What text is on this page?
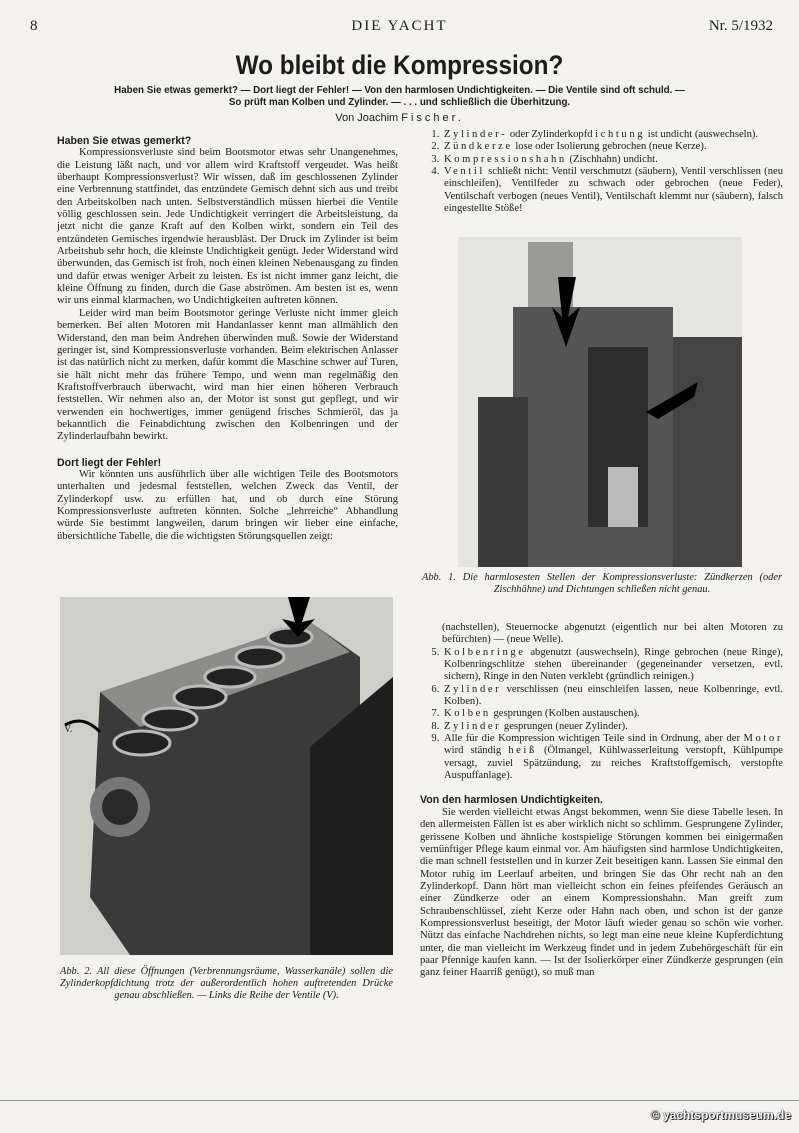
8	DIE YACHT	Nr. 5/1932
Wo bleibt die Kompression?
Haben Sie etwas gemerkt? — Dort liegt der Fehler! — Von den harmlosen Undichtigkeiten. — Die Ventile sind oft schuld. —
So prüft man Kolben und Zylinder. — . . . und schließlich die Überhitzung.
Von Joachim Fischer.
Haben Sie etwas gemerkt?

Kompressionsverluste sind beim Bootsmotor etwas sehr Unangenehmes, die Leistung läßt nach, und vor allem wird Kraftstoff vergeudet. Was heißt überhaupt Kompressionsverlust? Wir wissen, daß im geschlossenen Zylinder eine Verbrennung stattfindet, das entzündete Gemisch dehnt sich aus und treibt den Arbeitskolben nach unten. Selbstverständlich müssen hierbei die Ventile völlig geschlossen sein. Jede Undichtigkeit verringert die Arbeitsleistung, da jetzt nicht die ganze Kraft auf den Kolben wirkt, sondern ein Teil des entzündeten Gemisches irgendwie herausbläst. Der Druck im Zylinder ist beim Arbeitshub sehr hoch, die kleinste Undichtigkeit genügt. Jeder Widerstand wird überwunden, das Gemisch ist froh, noch einen kleinen Nebenausgang zu finden und dafür etwas weniger Arbeit zu leisten. Es ist nicht immer ganz leicht, die kleine Öffnung zu finden, durch die Gase abströmen. Am besten ist es, wenn wir uns einmal klarmachen, wo Undichtigkeiten auftreten können.

Leider wird man beim Bootsmotor geringe Verluste nicht immer gleich bemerken. Bei alten Motoren mit Handanlasser kennt man allmählich den Widerstand, den man beim Andrehen überwinden muß. Sowie der Widerstand geringer ist, sind Kompressionsverluste vorhanden. Beim elektrischen Anlasser ist das natürlich nicht zu merken, dafür kommt die Maschine schwer auf Turen, sie hält nicht mehr das frühere Tempo, und wenn man regelmäßig den Kraftstoffverbrauch überwacht, wird man hier einen höheren Verbrauch feststellen. Wir nehmen also an, der Motor ist sonst gut gepflegt, und wir verwenden ein hochwertiges, immer genügend frisches Schmieröl, das ja bekanntlich die Feinabdichtung zwischen den Kolbenringen und der Zylinderlaufbahn bewirkt.

Dort liegt der Fehler!

Wir könnten uns ausführlich über alle wichtigen Teile des Bootsmotors unterhalten und jedesmal feststellen, welchen Zweck das Ventil, der Zylinderkopf usw. zu erfüllen hat, und ob durch eine Störung Kompressionsverluste auftreten könnten. Solche „lehrreiche“ Abhandlung würde Sie bestimmt langweilen, darum bringen wir lieber eine einfache, übersichtliche Tabelle, die die wichtigsten Störungsquellen zeigt:

V.
Abb. 2. All diese Öffnungen (Verbrennungsräume, Wasserkanäle) sollen die Zylinderkopfdichtung trotz der außerordentlich hohen auftretenden Drücke genau abschließen. — Links die Reihe der Ventile (V).
1. Zylinder- oder Zylinderkopfdichtung ist undicht (auswechseln).
2. Zündkerze lose oder Isolierung gebrochen (neue Kerze).
3. Kompressionshahn (Zischhahn) undicht.
4. Ventil schließt nicht: Ventil verschmutzt (säubern), Ventil verschlissen (neu einschleifen), Ventilfeder zu schwach oder gebrochen (neue Feder), Ventilschaft verbogen (neues Ventil), Ventilschaft klemmt nur (säubern), falsch eingestellte Stöße!
Abb. 1. Die harmlosesten Stellen der Kompressionsverluste: Zündkerzen (oder Zischhähne) und Dichtungen schließen nicht genau.
(nachstellen), Steuernocke abgenutzt (eigentlich nur bei alten Motoren zu befürchten) — (neue Welle).
5. Kolbenringe abgenutzt (auswechseln), Ringe gebrochen (neue Ringe), Kolbenringschlitze stehen übereinander (gegeneinander versetzen, evtl. sichern), Ringe in den Nuten verklebt (gründlich reinigen.)
6. Zylinder verschlissen (neu einschleifen lassen, neue Kolbenringe, evtl. Kolben).
7. Kolben gesprungen (Kolben austauschen).
8. Zylinder gesprungen (neuer Zylinder).
9. Alle für die Kompression wichtigen Teile sind in Ordnung, aber der Motor wird ständig heiß (Ölmangel, Kühlwasserleitung verstopft, Kühlpumpe versagt, zuviel Spätzündung, zu reiches Kraftstoffgemisch, verstopfte Auspuffanlage).
Von den harmlosen Undichtigkeiten.

Sie werden vielleicht etwas Angst bekommen, wenn Sie diese Tabelle lesen. In den allermeisten Fällen ist es aber wirklich nicht so schlimm. Gesprungene Zylinder, gerissene Kolben und ähnliche kostspielige Störungen kommen bei einigermaßen vernünftiger Pflege kaum einmal vor. Am häufigsten sind harmlose Undichtigkeiten, die man schnell feststellen und in kurzer Zeit beseitigen kann. Lassen Sie einmal den Motor ruhig im Leerlauf arbeiten, und bringen Sie das Ohr recht nah an den Zylinderkopf. Dann hört man vielleicht schon ein feines pfeifendes Geräusch an einer Zündkerze oder an einem Kompressionshahn. Man greift zum Schraubenschlüssel, zieht Kerze oder Hahn nach oben, und schon ist der ganze Kompressionsverlust beseitigt, der Motor läuft wieder genau so schön wie vorher. Nützt das einfache Nachdrehen nichts, so legt man eine neue kleine Kupferdichtung unter, die man vielleicht im Werkzeug findet und in jedem Zubehörgeschäft für ein paar Pfennige kaufen kann. — Ist der Isolierkörper einer Zündkerze gesprungen (ein ganz feiner Haarriß genügt), so muß man

© yachtsportmuseum.de
